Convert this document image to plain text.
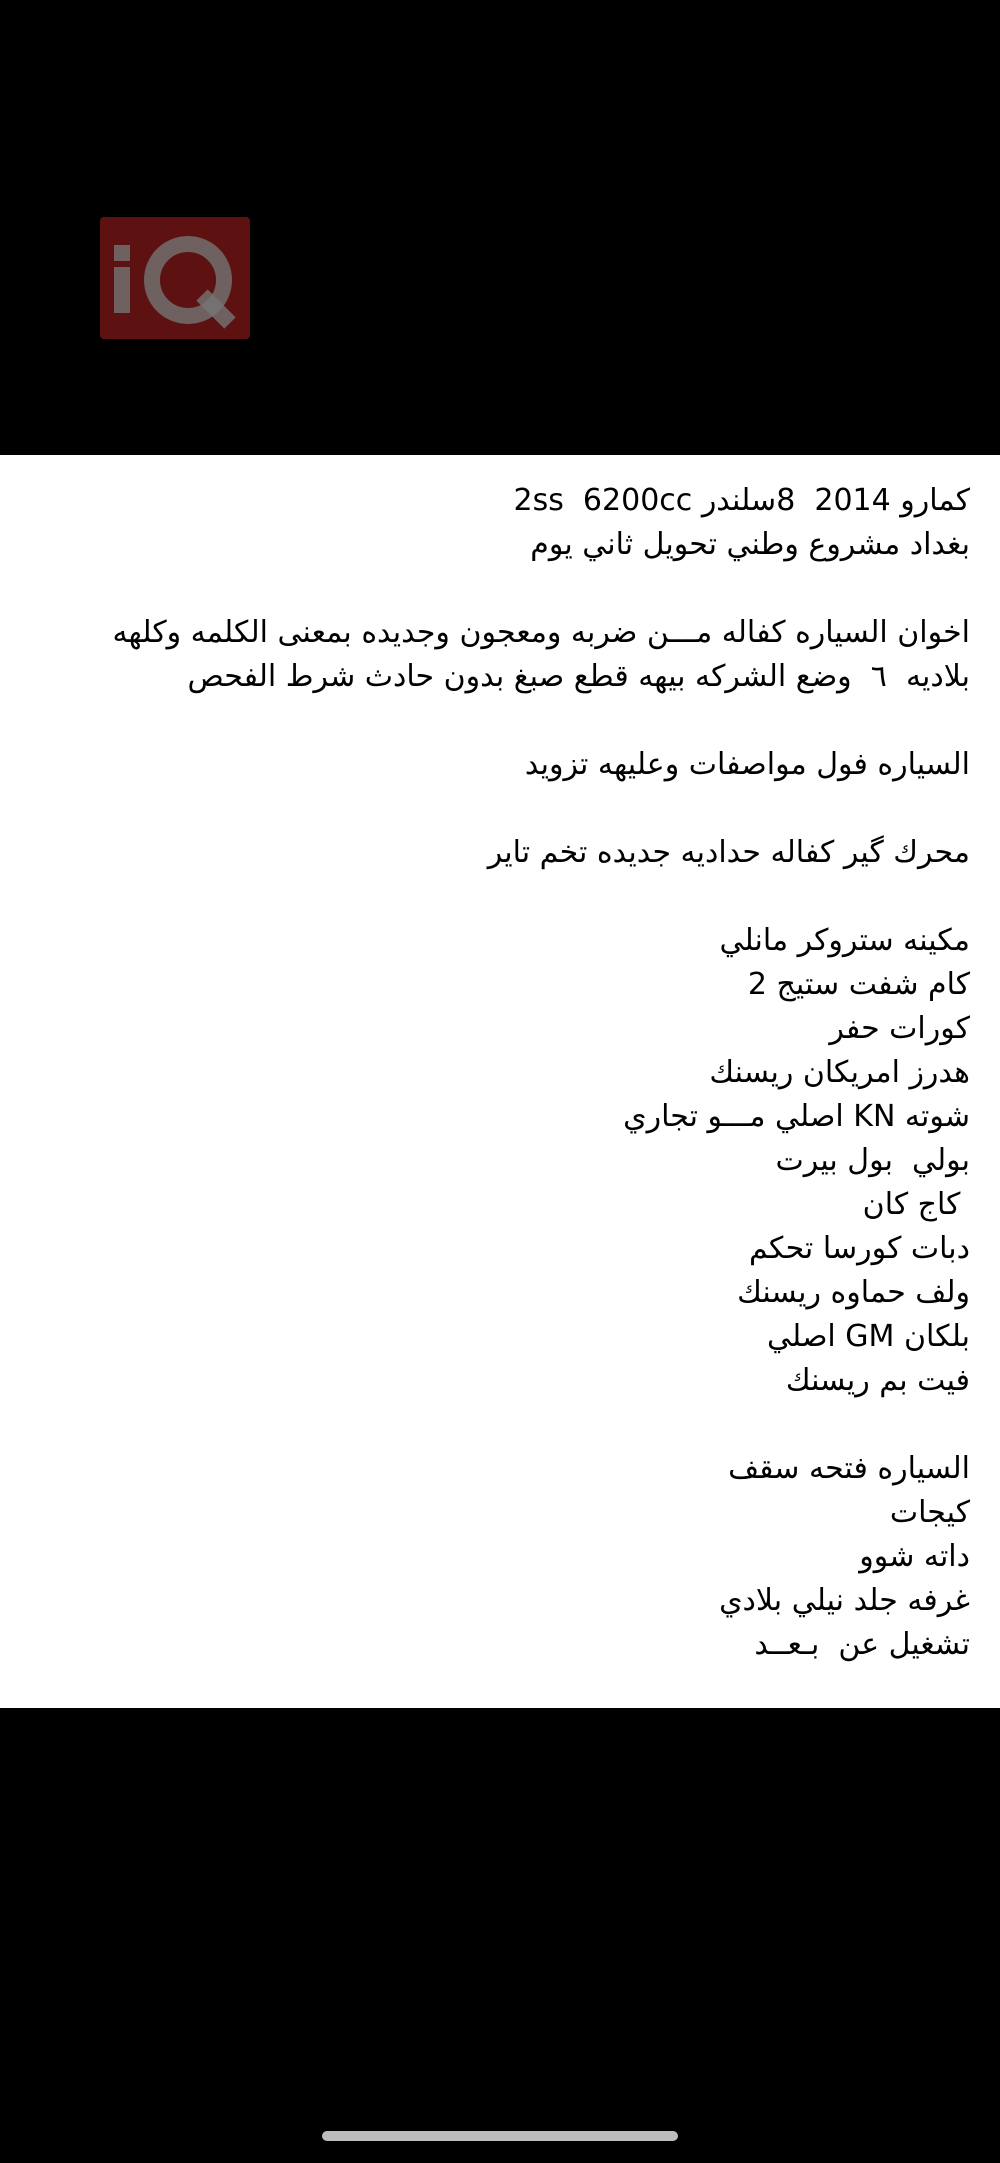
كمارو 2014  8سلندر 2ss  6200cc
بغداد مشروع وطني تحويل ثاني يوم
اخوان السياره كفاله مـــن ضربه ومعجون وجديده بمعنى الكلمه وكلهه
بلاديه  ٦  وضع الشركه بيهه قطع صبغ بدون حادث شرط الفحص
السياره فول مواصفات وعليهه تزويد
محرك گير كفاله حداديه جديده تخم تاير
مكينه ستروكر مانلي
كام شفت ستيج 2
كورات حفر
هدرز امريكان ريسنك
شوته KN اصلي مـــو تجاري
بولي  بول بيرت
كاج كان
دبات كورسا تحكم
ولف حماوه ريسنك
بلكان GM اصلي
فيت بم ريسنك
السياره فتحه سقف
كيجات
داته شوو
غرفه جلد نيلي بلادي
تشغيل عن  بـعــد
